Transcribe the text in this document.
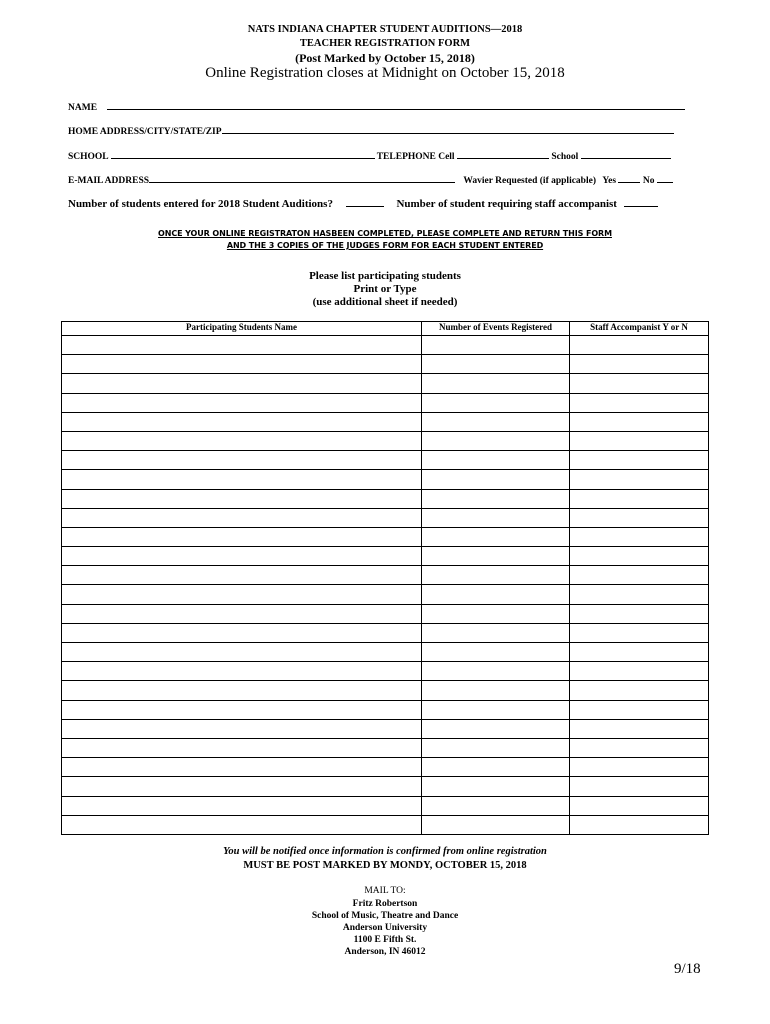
NATS INDIANA CHAPTER STUDENT AUDITIONS—2018
TEACHER REGISTRATION FORM
(Post Marked by October 15, 2018)
Online Registration closes at Midnight on October 15, 2018
NAME
HOME ADDRESS/CITY/STATE/ZIP
SCHOOL	TELEPHONE Cell	School
E-MAIL ADDRESS	Wavier Requested (if applicable) Yes	No
Number of students entered for 2018 Student Auditions?	Number of student requiring staff accompanist
ONCE YOUR ONLINE REGISTRATON HASBEEN COMPLETED, PLEASE COMPLETE AND RETURN THIS FORM
AND THE 3 COPIES OF THE JUDGES FORM FOR EACH STUDENT ENTERED
Please list participating students
Print or Type
(use additional sheet if needed)
Participating Students Name	Number of Events Registered	Staff Accompanist Y or N

You will be notified once information is confirmed from online registration
MUST BE POST MARKED BY MONDY, OCTOBER 15, 2018
MAIL TO:
Fritz Robertson
School of Music, Theatre and Dance
Anderson University
1100 E Fifth St.
Anderson, IN 46012
9/18
